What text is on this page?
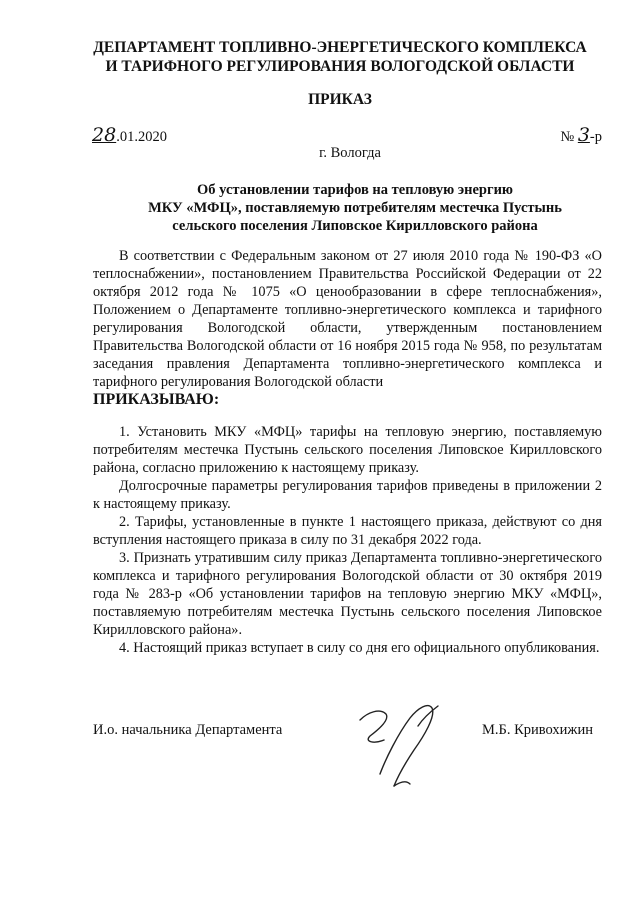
ДЕПАРТАМЕНТ ТОПЛИВНО-ЭНЕРГЕТИЧЕСКОГО КОМПЛЕКСА
И ТАРИФНОГО РЕГУЛИРОВАНИЯ ВОЛОГОДСКОЙ ОБЛАСТИ
ПРИКАЗ
28.01.2020	№ 3-р
г. Вологда
Об установлении тарифов на тепловую энергию
МКУ «МФЦ», поставляемую потребителям местечка Пустынь
сельского поселения Липовское Кирилловского района

В соответствии с Федеральным законом от 27 июля 2010 года № 190-ФЗ «О теплоснабжении», постановлением Правительства Российской Федерации от 22 октября 2012 года № 1075 «О ценообразовании в сфере теплоснабжения», Положением о Департаменте топливно-энергетического комплекса и тарифного регулирования Вологодской области, утвержденным постановлением Правительства Вологодской области от 16 ноября 2015 года № 958, по результатам заседания правления Департамента топливно-энергетического комплекса и тарифного регулирования Вологодской области

ПРИКАЗЫВАЮ:

1. Установить МКУ «МФЦ» тарифы на тепловую энергию, поставляемую потребителям местечка Пустынь сельского поселения Липовское Кирилловского района, согласно приложению к настоящему приказу.

Долгосрочные параметры регулирования тарифов приведены в приложении 2 к настоящему приказу.

2. Тарифы, установленные в пункте 1 настоящего приказа, действуют со дня вступления настоящего приказа в силу по 31 декабря 2022 года.

3. Признать утратившим силу приказ Департамента топливно-энергетического комплекса и тарифного регулирования Вологодской области от 30 октября 2019 года № 283-р «Об установлении тарифов на тепловую энергию МКУ «МФЦ», поставляемую потребителям местечка Пустынь сельского поселения Липовское Кирилловского района».

4. Настоящий приказ вступает в силу со дня его официального опубликования.

И.о. начальника Департамента	М.Б. Кривохижин
